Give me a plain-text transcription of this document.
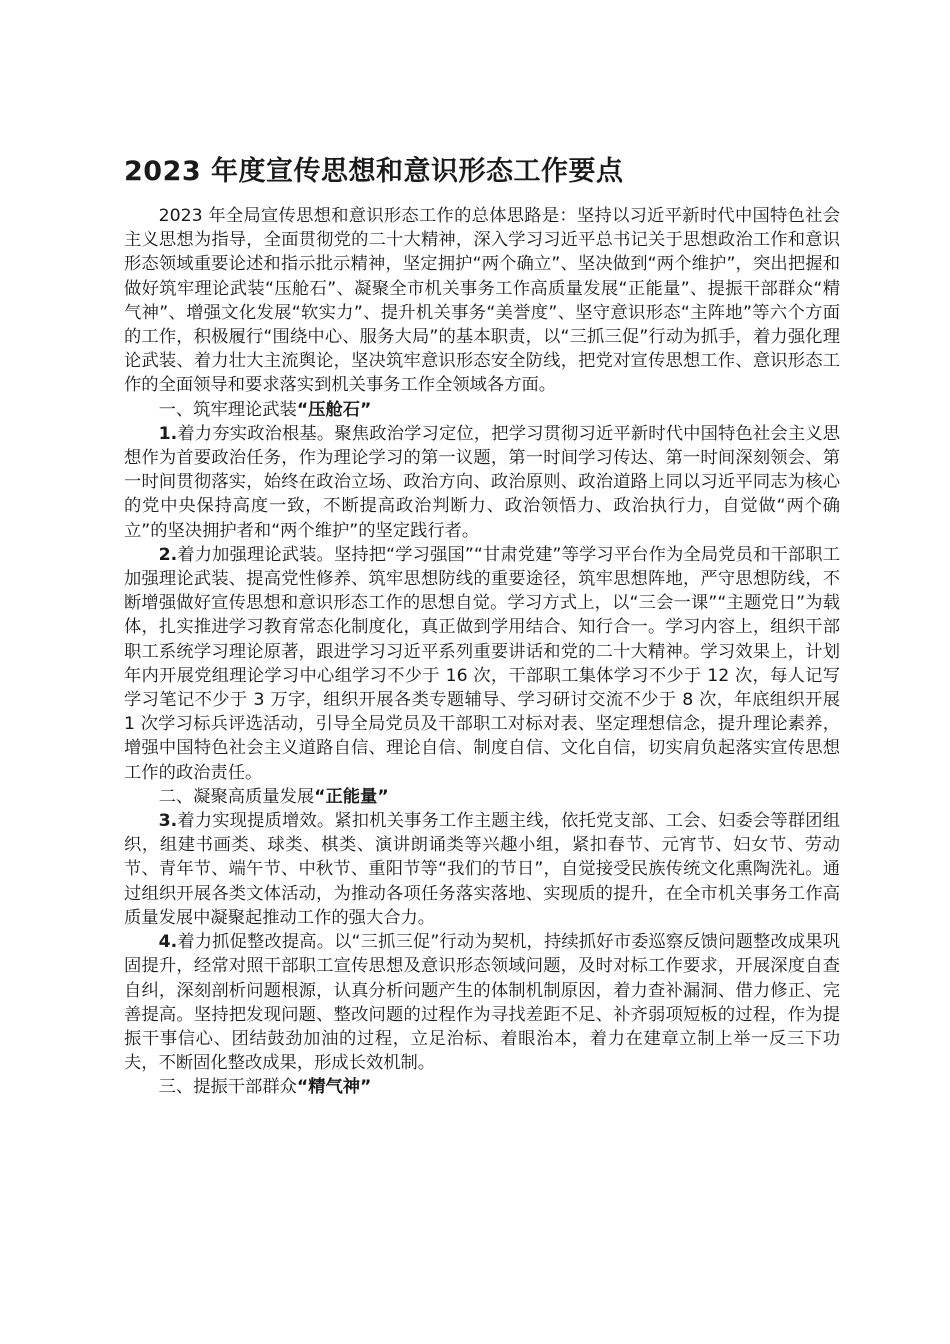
2023 年度宣传思想和意识形态工作要点

2023 年全局宣传思想和意识形态工作的总体思路是：坚持以习近平新时代中国特色社会主义思想为指导，全面贯彻党的二十大精神，深入学习习近平总书记关于思想政治工作和意识形态领域重要论述和指示批示精神，坚定拥护“两个确立”、坚决做到“两个维护”，突出把握和做好筑牢理论武装“压舱石”、凝聚全市机关事务工作高质量发展“正能量”、提振干部群众“精气神”、增强文化发展“软实力”、提升机关事务“美誉度”、坚守意识形态“主阵地”等六个方面的工作，积极履行“围绕中心、服务大局”的基本职责，以“三抓三促”行动为抓手，着力强化理论武装、着力壮大主流舆论，坚决筑牢意识形态安全防线，把党对宣传思想工作、意识形态工作的全面领导和要求落实到机关事务工作全领域各方面。

一、筑牢理论武装“压舱石”

1.着力夯实政治根基。聚焦政治学习定位，把学习贯彻习近平新时代中国特色社会主义思想作为首要政治任务，作为理论学习的第一议题，第一时间学习传达、第一时间深刻领会、第一时间贯彻落实，始终在政治立场、政治方向、政治原则、政治道路上同以习近平同志为核心的党中央保持高度一致，不断提高政治判断力、政治领悟力、政治执行力，自觉做“两个确立”的坚决拥护者和“两个维护”的坚定践行者。

2.着力加强理论武装。坚持把“学习强国”“甘肃党建”等学习平台作为全局党员和干部职工加强理论武装、提高党性修养、筑牢思想防线的重要途径，筑牢思想阵地，严守思想防线，不断增强做好宣传思想和意识形态工作的思想自觉。学习方式上，以“三会一课”“主题党日”为载体，扎实推进学习教育常态化制度化，真正做到学用结合、知行合一。学习内容上，组织干部职工系统学习理论原著，跟进学习习近平系列重要讲话和党的二十大精神。学习效果上，计划年内开展党组理论学习中心组学习不少于 16 次，干部职工集体学习不少于 12 次，每人记写学习笔记不少于 3 万字，组织开展各类专题辅导、学习研讨交流不少于 8 次，年底组织开展 1 次学习标兵评选活动，引导全局党员及干部职工对标对表、坚定理想信念，提升理论素养，增强中国特色社会主义道路自信、理论自信、制度自信、文化自信，切实肩负起落实宣传思想工作的政治责任。

二、凝聚高质量发展“正能量”

3.着力实现提质增效。紧扣机关事务工作主题主线，依托党支部、工会、妇委会等群团组织，组建书画类、球类、棋类、演讲朗诵类等兴趣小组，紧扣春节、元宵节、妇女节、劳动节、青年节、端午节、中秋节、重阳节等“我们的节日”，自觉接受民族传统文化熏陶洗礼。通过组织开展各类文体活动，为推动各项任务落实落地、实现质的提升，在全市机关事务工作高质量发展中凝聚起推动工作的强大合力。

4.着力抓促整改提高。以“三抓三促”行动为契机，持续抓好市委巡察反馈问题整改成果巩固提升，经常对照干部职工宣传思想及意识形态领域问题，及时对标工作要求，开展深度自查自纠，深刻剖析问题根源，认真分析问题产生的体制机制原因，着力查补漏洞、借力修正、完善提高。坚持把发现问题、整改问题的过程作为寻找差距不足、补齐弱项短板的过程，作为提振干事信心、团结鼓劲加油的过程，立足治标、着眼治本，着力在建章立制上举一反三下功夫，不断固化整改成果，形成长效机制。

三、提振干部群众“精气神”
